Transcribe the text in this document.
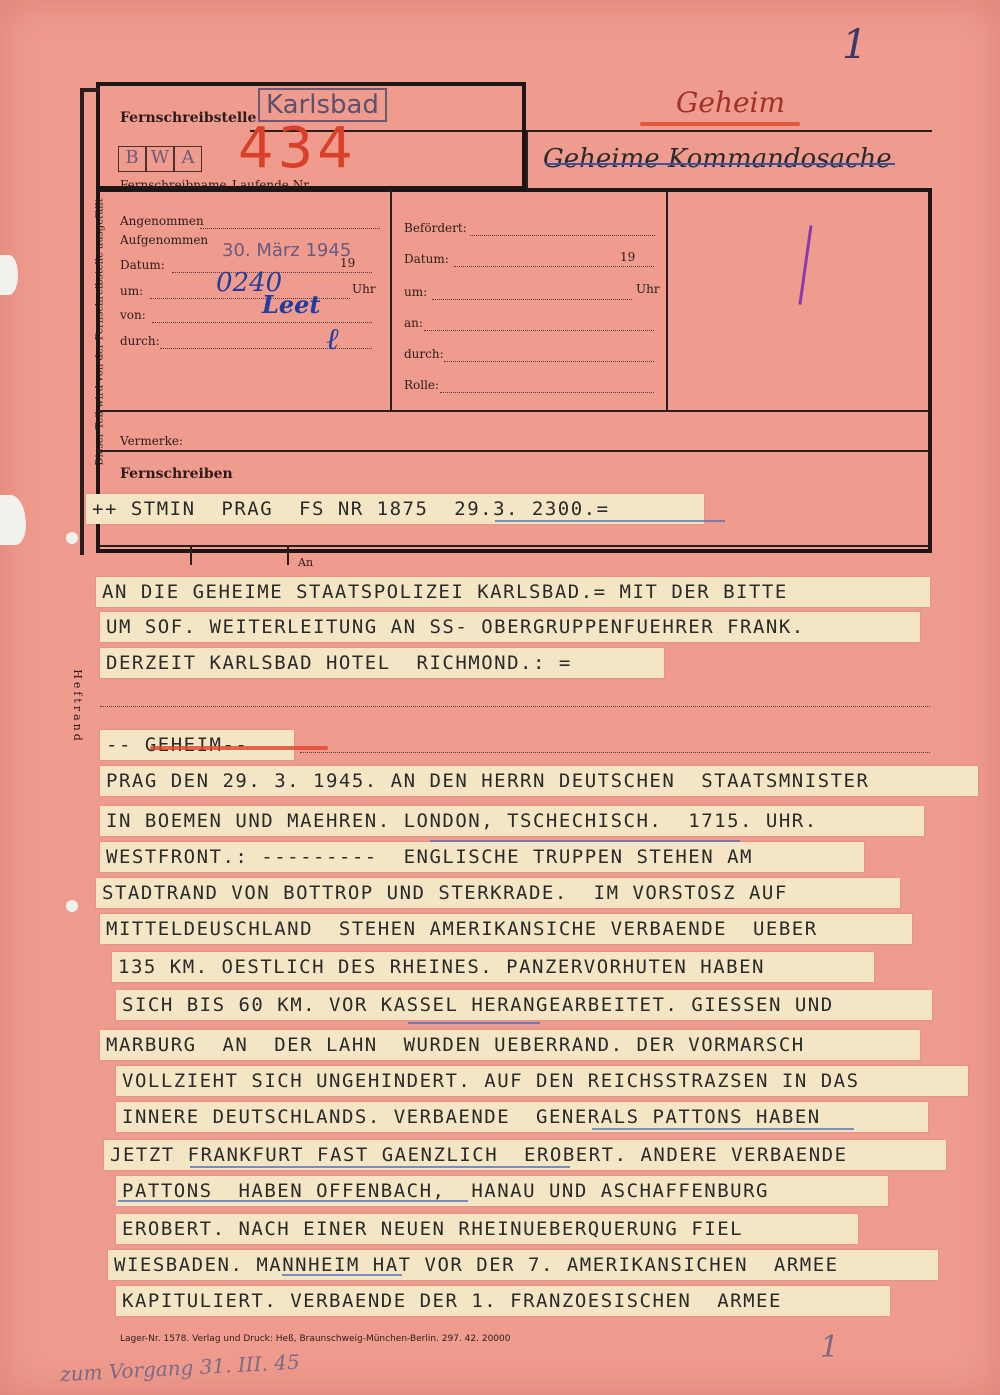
1
Dieser Teil wird von der Fernschreibstelle ausgefüllt
Heftrand
Fernschreibstelle Karlsbad
B W A 434
Fernschreibname Laufende Nr.
Geheim
Geheime Kommandosache
Angenommen
Aufgenommen
Datum:	19
30. März 1945
um:	Uhr
0240
von:	Leet
durch:	ℓ
Befördert:
Datum:	19
um:	Uhr
an:
durch:
Rolle:
Vermerke:
Fernschreiben
An
++ STMIN  PRAG  FS NR 1875  29.3. 2300.=
AN DIE GEHEIME STAATSPOLIZEI KARLSBAD.= MIT DER BITTE
UM SOF. WEITERLEITUNG AN SS- OBERGRUPPENFUEHRER FRANK.
DERZEIT KARLSBAD HOTEL  RICHMOND.: =
-- GEHEIM--
PRAG DEN 29. 3. 1945. AN DEN HERRN DEUTSCHEN  STAATSMNISTER
IN BOEMEN UND MAEHREN. LONDON, TSCHECHISCH.  1715. UHR.
WESTFRONT.: ---------  ENGLISCHE TRUPPEN STEHEN AM
STADTRAND VON BOTTROP UND STERKRADE.  IM VORSTOSZ AUF
MITTELDEUSCHLAND  STEHEN AMERIKANSICHE VERBAENDE  UEBER
135 KM. OESTLICH DES RHEINES. PANZERVORHUTEN HABEN
SICH BIS 60 KM. VOR KASSEL HERANGEARBEITET. GIESSEN UND
MARBURG  AN  DER LAHN  WURDEN UEBERRAND. DER VORMARSCH
VOLLZIEHT SICH UNGEHINDERT. AUF DEN REICHSSTRAZSEN IN DAS
INNERE DEUTSCHLANDS. VERBAENDE  GENERALS PATTONS HABEN
JETZT FRANKFURT FAST GAENZLICH  EROBERT. ANDERE VERBAENDE
PATTONS  HABEN OFFENBACH,  HANAU UND ASCHAFFENBURG
EROBERT. NACH EINER NEUEN RHEINUEBERQUERUNG FIEL
WIESBADEN. MANNHEIM HAT VOR DER 7. AMERIKANSICHEN  ARMEE
KAPITULIERT. VERBAENDE DER 1. FRANZOESISCHEN  ARMEE
Lager-Nr. 1578. Verlag und Druck: Heß, Braunschweig-München-Berlin. 297. 42. 20000
zum Vorgang 31. III. 45
1
